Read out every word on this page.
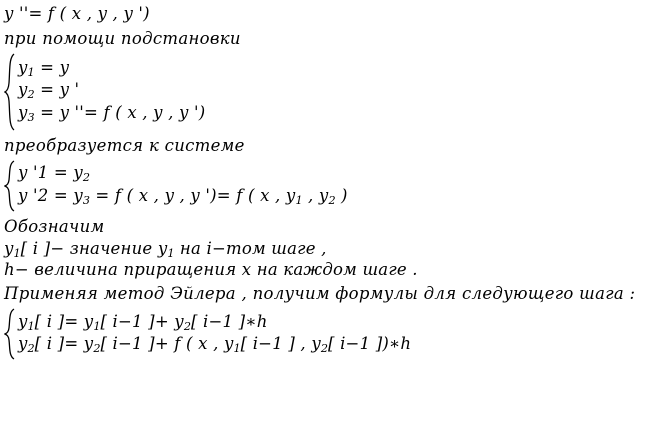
y ''= f ( x , y , y ')
при помощи подстановки
$y_1 = y$
$y_2 = y$ '
$y_3 = y$ ''= f ( x , y , y ')
преобразуется к системе
y '$1 = y_2$
y '$2 = y_3 = f$ ( x , y , y ')= f ( x , $y_1$ , $y_2$ )
Обозначим
$y_1$[ i ]− значение $y_1$ на i−том шаге ,
h− величина приращения x на каждом шаге .
Применяя метод Эйлера , получим формулы для следующего шага :
$y_1$[ i ]= $y_1$[ i−1 ]+ $y_2$[ i−1 ]∗h
$y_2$[ i ]= $y_2$[ i−1 ]+ f ( x , $y_1$[ i−1 ] , $y_2$[ i−1 ])∗h
